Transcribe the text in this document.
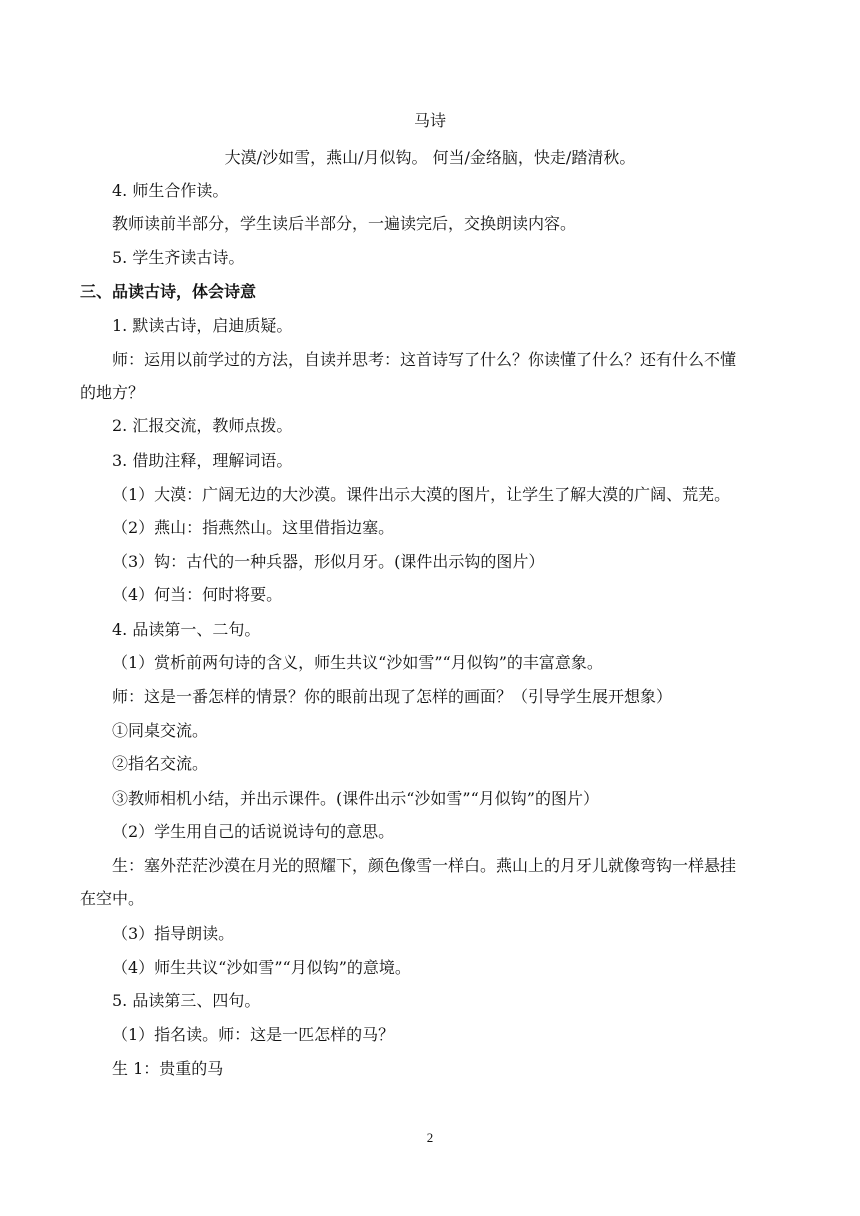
马诗
大漠/沙如雪，燕山/月似钩。 何当/金络脑，快走/踏清秋。
4. 师生合作读。
教师读前半部分，学生读后半部分，一遍读完后，交换朗读内容。
5. 学生齐读古诗。
三、品读古诗，体会诗意
1. 默读古诗，启迪质疑。
师：运用以前学过的方法，自读并思考：这首诗写了什么？你读懂了什么？还有什么不懂
的地方？
2. 汇报交流，教师点拨。
3. 借助注释，理解词语。
（1）大漠：广阔无边的大沙漠。课件出示大漠的图片，让学生了解大漠的广阔、荒芜。
（2）燕山：指燕然山。这里借指边塞。
（3）钩：古代的一种兵器，形似月牙。(课件出示钩的图片）
（4）何当：何时将要。
4. 品读第一、二句。
（1）赏析前两句诗的含义，师生共议“沙如雪”“月似钩”的丰富意象。
师：这是一番怎样的情景？你的眼前出现了怎样的画面？（引导学生展开想象）
①同桌交流。
②指名交流。
③教师相机小结，并出示课件。(课件出示“沙如雪”“月似钩”的图片）
（2）学生用自己的话说说诗句的意思。
生：塞外茫茫沙漠在月光的照耀下，颜色像雪一样白。燕山上的月牙儿就像弯钩一样悬挂
在空中。
（3）指导朗读。
（4）师生共议“沙如雪”“月似钩”的意境。
5. 品读第三、四句。
（1）指名读。师：这是一匹怎样的马？
生 1：贵重的马
2
